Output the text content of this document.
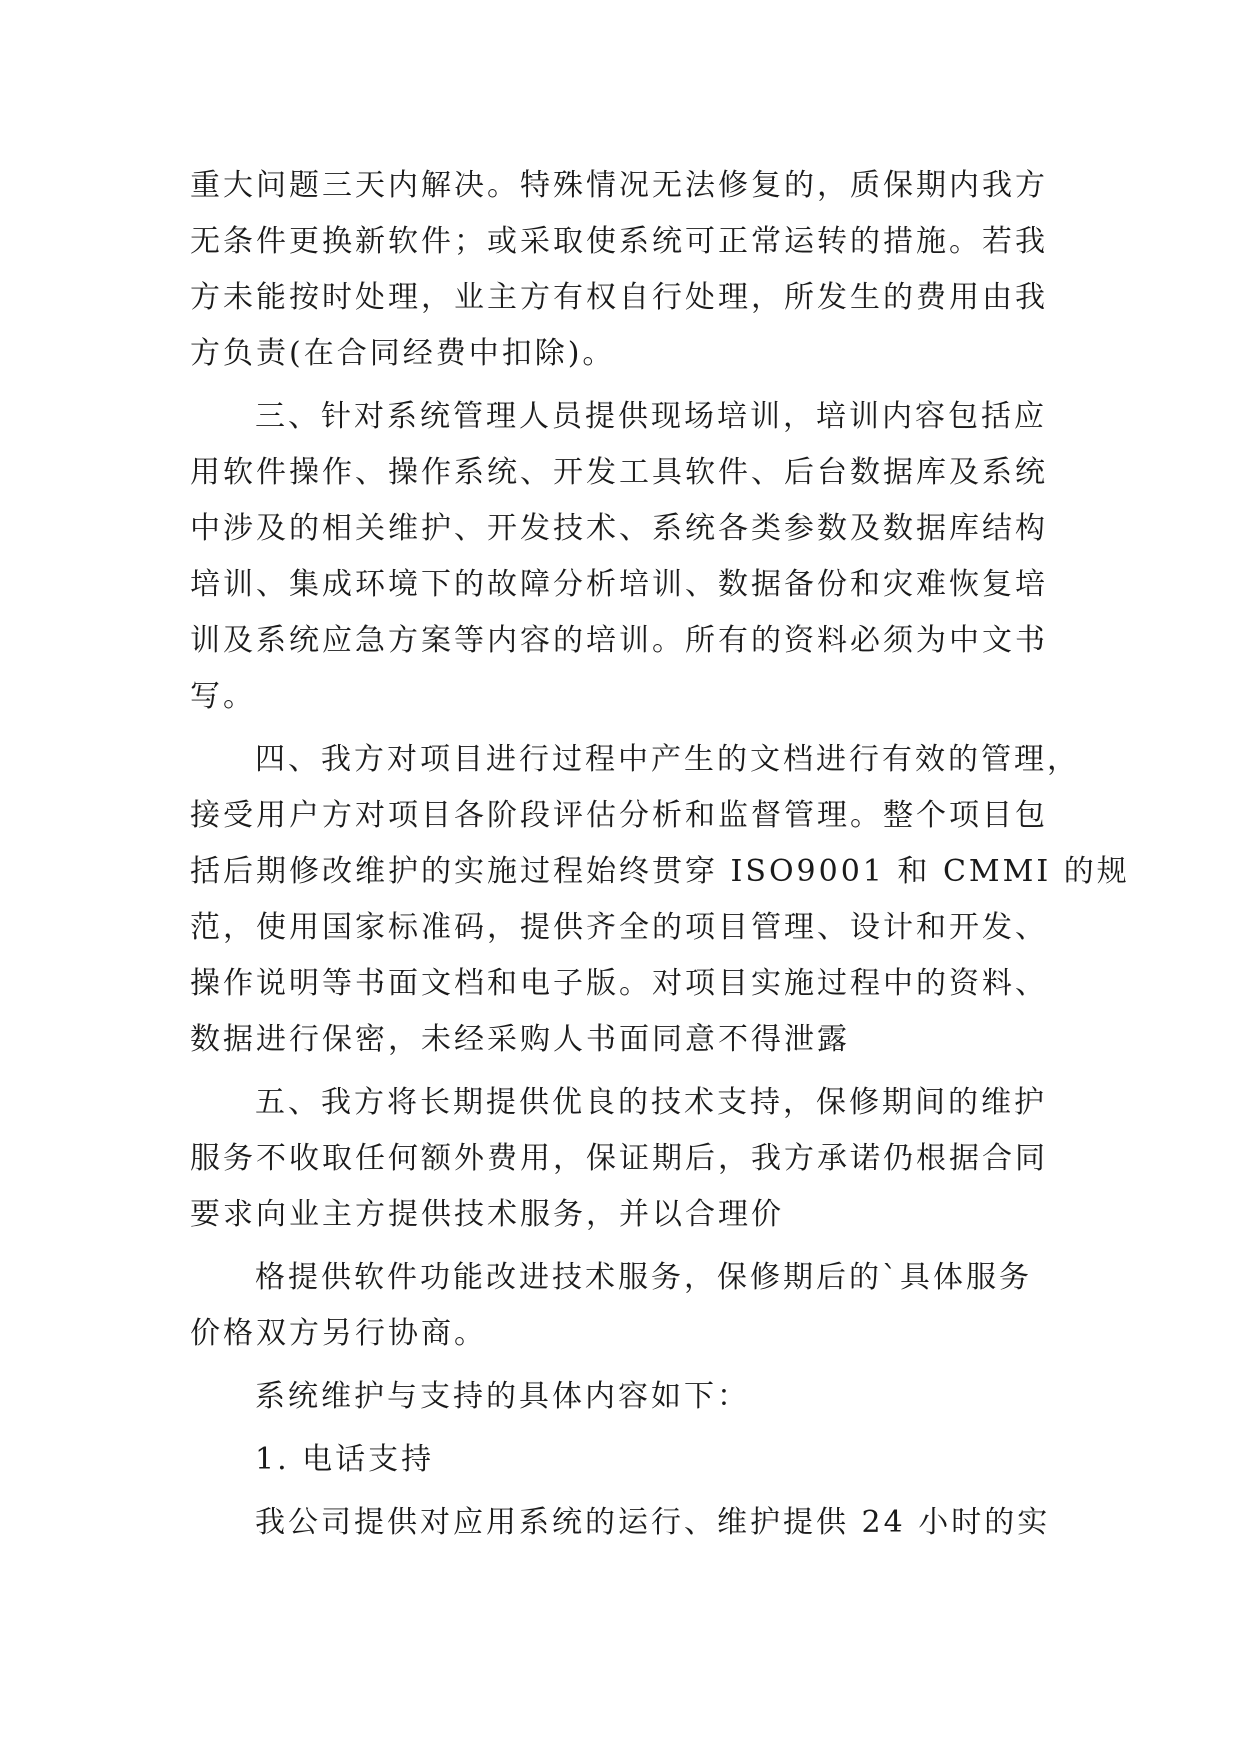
重大问题三天内解决。特殊情况无法修复的，质保期内我方
无条件更换新软件；或采取使系统可正常运转的措施。若我
方未能按时处理，业主方有权自行处理，所发生的费用由我
方负责(在合同经费中扣除)。
三、针对系统管理人员提供现场培训，培训内容包括应
用软件操作、操作系统、开发工具软件、后台数据库及系统
中涉及的相关维护、开发技术、系统各类参数及数据库结构
培训、集成环境下的故障分析培训、数据备份和灾难恢复培
训及系统应急方案等内容的培训。所有的资料必须为中文书
写。
四、我方对项目进行过程中产生的文档进行有效的管理，
接受用户方对项目各阶段评估分析和监督管理。整个项目包
括后期修改维护的实施过程始终贯穿 ISO9001 和 CMMI 的规
范，使用国家标准码，提供齐全的项目管理、设计和开发、
操作说明等书面文档和电子版。对项目实施过程中的资料、
数据进行保密，未经采购人书面同意不得泄露
五、我方将长期提供优良的技术支持，保修期间的维护
服务不收取任何额外费用，保证期后，我方承诺仍根据合同
要求向业主方提供技术服务，并以合理价
格提供软件功能改进技术服务，保修期后的`具体服务
价格双方另行协商。
系统维护与支持的具体内容如下：
1. 电话支持
我公司提供对应用系统的运行、维护提供 24 小时的实
